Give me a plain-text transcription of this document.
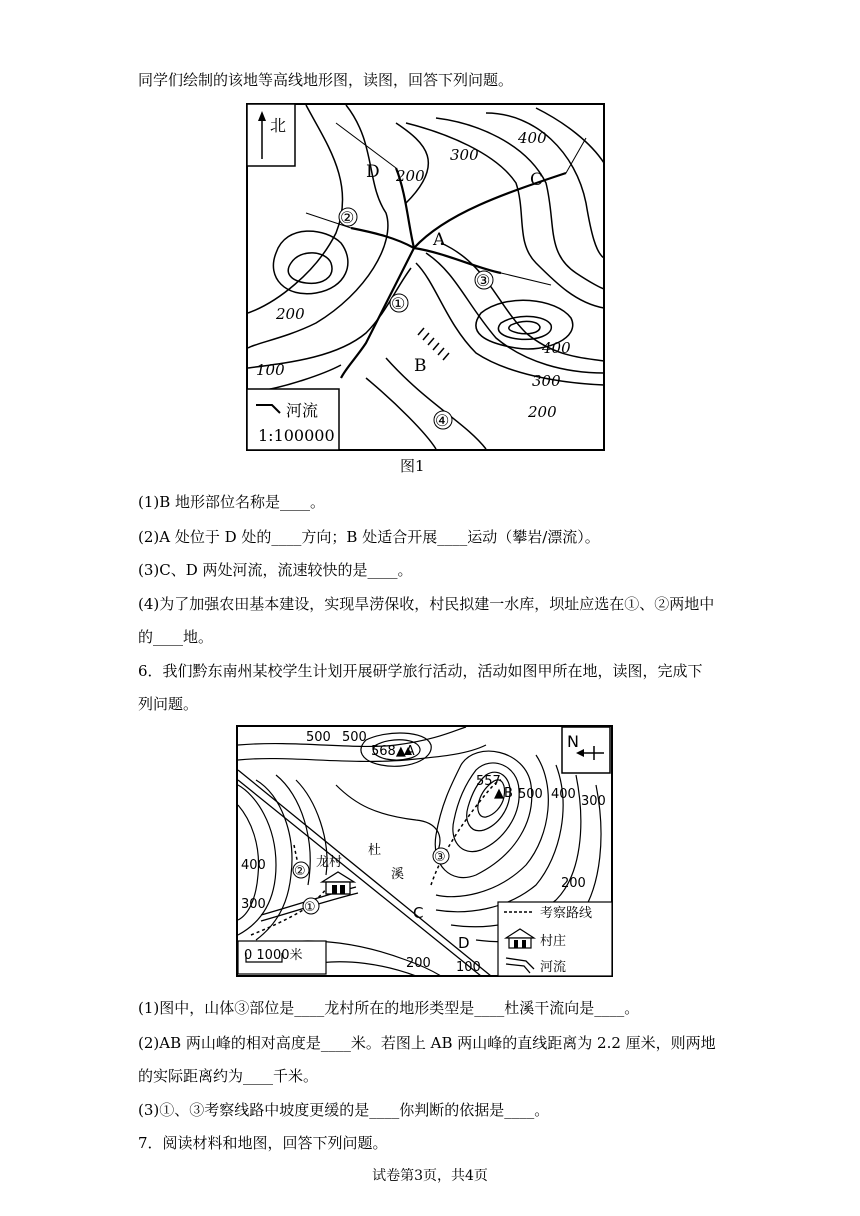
同学们绘制的该地等高线地形图，读图，回答下列问题。
北
D
A
C
B
②
③
①
④
200
300
400
200
100
400
300
200
河流
1:100000
图1
(1)B 地形部位名称是____。
(2)A 处位于 D 处的____方向；B 处适合开展____运动（攀岩/漂流）。
(3)C、D 两处河流，流速较快的是____。
(4)为了加强农田基本建设，实现旱涝保收，村民拟建一水库，坝址应选在①、②两地中
的____地。
6．我们黔东南州某校学生计划开展研学旅行活动，活动如图甲所在地，读图，完成下
列问题。
500 500
568▲A
557
▲B 500 400 300
400
300
200
200 100
龙村
杜
溪
C
D
②
①
③
N
0 1000米
考察路线
村庄
河流
(1)图中，山体③部位是____龙村所在的地形类型是____杜溪干流向是____。
(2)AB 两山峰的相对高度是____米。若图上 AB 两山峰的直线距离为 2.2 厘米，则两地
的实际距离约为____千米。
(3)①、③考察线路中坡度更缓的是____你判断的依据是____。
7．阅读材料和地图，回答下列问题。
试卷第3页，共4页
